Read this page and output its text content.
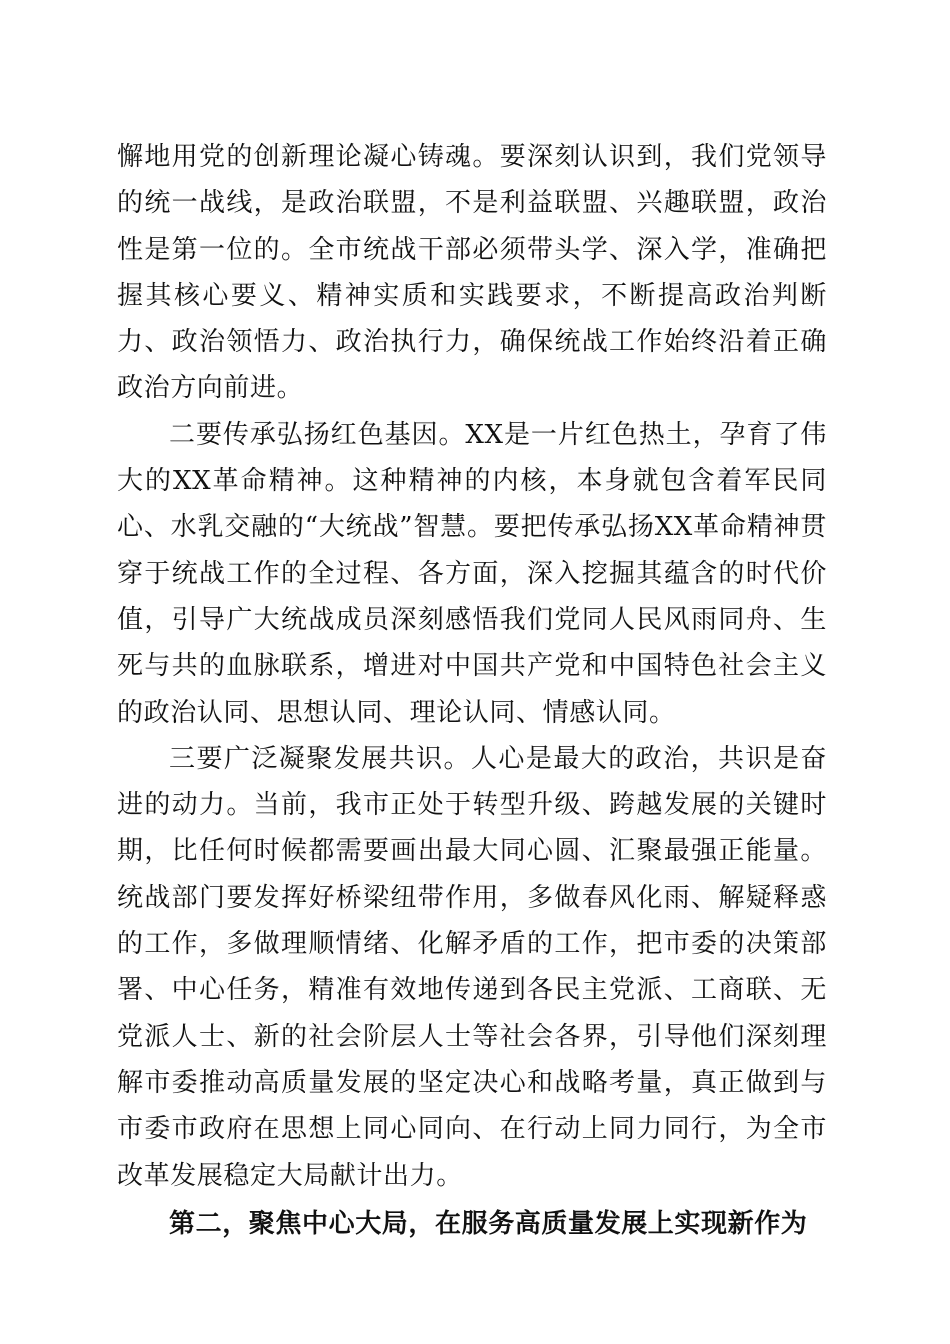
懈地用党的创新理论凝心铸魂。要深刻认识到，我们党领导的统一战线，是政治联盟，不是利益联盟、兴趣联盟，政治性是第一位的。全市统战干部必须带头学、深入学，准确把握其核心要义、精神实质和实践要求，不断提高政治判断力、政治领悟力、政治执行力，确保统战工作始终沿着正确政治方向前进。

二要传承弘扬红色基因。XX是一片红色热土，孕育了伟大的XX革命精神。这种精神的内核，本身就包含着军民同心、水乳交融的“大统战”智慧。要把传承弘扬XX革命精神贯穿于统战工作的全过程、各方面，深入挖掘其蕴含的时代价值，引导广大统战成员深刻感悟我们党同人民风雨同舟、生死与共的血脉联系，增进对中国共产党和中国特色社会主义的政治认同、思想认同、理论认同、情感认同。

三要广泛凝聚发展共识。人心是最大的政治，共识是奋进的动力。当前，我市正处于转型升级、跨越发展的关键时期，比任何时候都需要画出最大同心圆、汇聚最强正能量。统战部门要发挥好桥梁纽带作用，多做春风化雨、解疑释惑的工作，多做理顺情绪、化解矛盾的工作，把市委的决策部署、中心任务，精准有效地传递到各民主党派、工商联、无党派人士、新的社会阶层人士等社会各界，引导他们深刻理解市委推动高质量发展的坚定决心和战略考量，真正做到与市委市政府在思想上同心同向、在行动上同力同行，为全市改革发展稳定大局献计出力。

第二，聚焦中心大局，在服务高质量发展上实现新作为
